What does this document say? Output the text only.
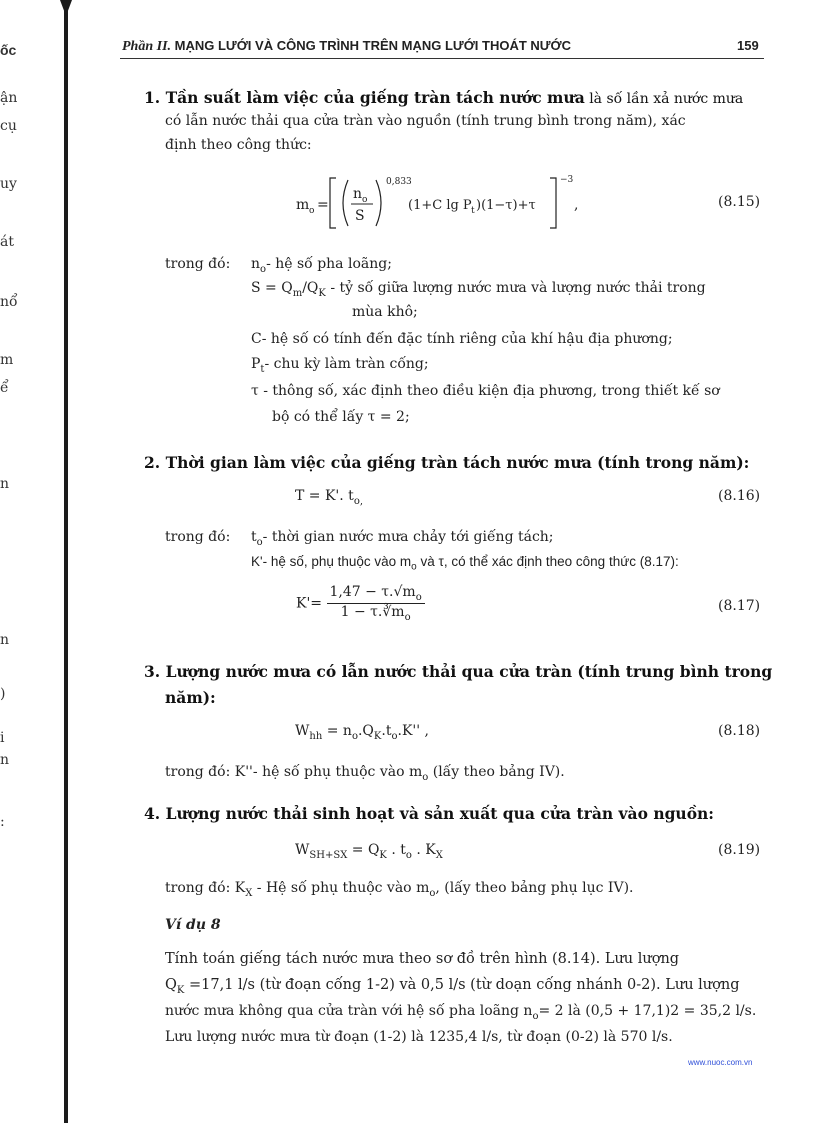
ốc
ận
cụ
uy
át
nổ
m
ể
n
n
)
i
n
:
Phần II. MẠNG LƯỚI VÀ CÔNG TRÌNH TRÊN MẠNG LƯỚI THOÁT NƯỚC	159
1. Tần suất làm việc của giếng tràn tách nước mưa là số lần xả nước mưa
có lẫn nước thải qua cửa tràn vào nguồn (tính trung bình trong năm), xác
định theo công thức:
m o =
n o
S
0,833
(1+C lg P t )(1−τ)+τ
−3
,	(8.15)
trong đó: $n_o-$ hệ số pha loãng;
$S = Q_m/Q_K$ - tỷ số giữa lượng nước mưa và lượng nước thải trong
mùa khô;
C- hệ số có tính đến đặc tính riêng của khí hậu địa phương;
$P_t-$ chu kỳ làm tràn cống;
τ - thông số, xác định theo điều kiện địa phương, trong thiết kế sơ
bộ có thể lấy τ = 2;
2. Thời gian làm việc của giếng tràn tách nước mưa (tính trong năm):
T = K'. $t_{o,}$	(8.16)
trong đó: $t_o-$ thời gian nước mưa chảy tới giếng tách;
K'- hệ số, phụ thuộc vào $m_o$ và τ, có thể xác định theo công thức (8.17):
$K'= \frac{1,47 - \tau.√m_o}{1 - \tau.∛m_o}$	(8.17)
3. Lượng nước mưa có lẫn nước thải qua cửa tràn (tính trung bình trong
năm):
$W_{hh} = n_o.Q_K.t_o.K''$ ,	(8.18)
trong đó: K''- hệ số phụ thuộc vào $m_o$ (lấy theo bảng IV).
4. Lượng nước thải sinh hoạt và sản xuất qua cửa tràn vào nguồn:
$W_{SH+SX} = Q_K$ . $t_o$ . $K_X$	(8.19)
trong đó: $K_X$ - Hệ số phụ thuộc vào $m_o$, (lấy theo bảng phụ lục IV).
Ví dụ 8
Tính toán giếng tách nước mưa theo sơ đồ trên hình (8.14). Lưu lượng
$Q_K =17,1$ l/s (từ đoạn cống 1-2) và 0,5 l/s (từ doạn cống nhánh 0-2). Lưu lượng
nước mưa không qua cửa tràn với hệ số pha loãng $n_o= 2$ là (0,5 + 17,1)2 = 35,2 l/s.
Lưu lượng nước mưa từ đoạn (1-2) là 1235,4 l/s, từ đoạn (0-2) là 570 l/s.
www.nuoc.com.vn
